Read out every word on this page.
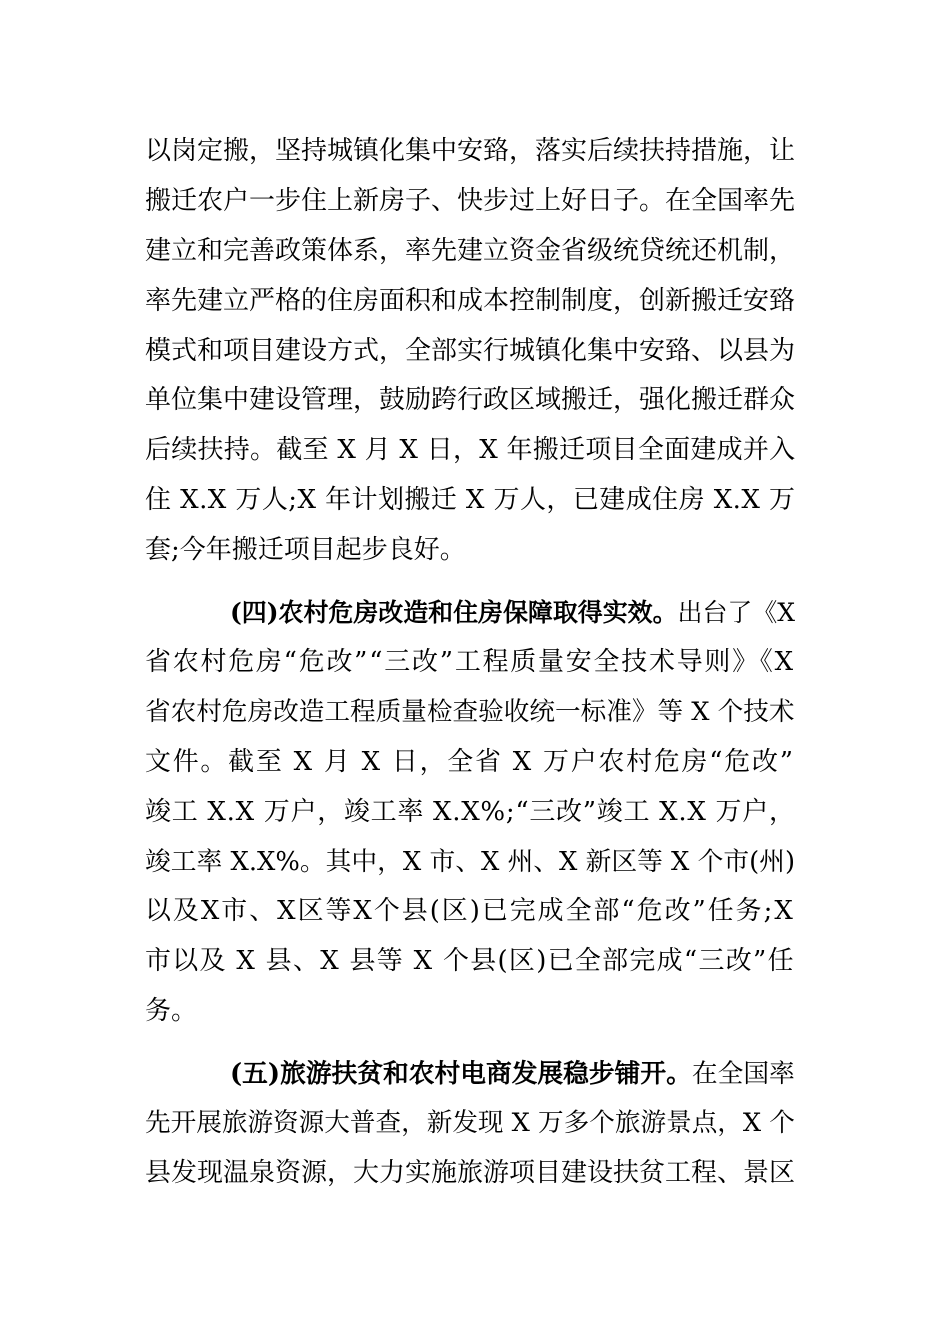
以岗定搬，坚持城镇化集中安臵，落实后续扶持措施，让
搬迁农户一步住上新房子、快步过上好日子。在全国率先
建立和完善政策体系，率先建立资金省级统贷统还机制，
率先建立严格的住房面积和成本控制制度，创新搬迁安臵
模式和项目建设方式，全部实行城镇化集中安臵、以县为
单位集中建设管理，鼓励跨行政区域搬迁，强化搬迁群众
后续扶持。截至 X 月 X 日，X 年搬迁项目全面建成并入
住 X.X 万人;X 年计划搬迁 X 万人，已建成住房 X.X 万
套;今年搬迁项目起步良好。
(四)农村危房改造和住房保障取得实效。 出台了《X
省农村危房“危改”“三改”工程质量安全技术导则》《X
省农村危房改造工程质量检查验收统一标准》等 X 个技术
文件。截至 X 月 X 日，全省 X 万户农村危房“危改”
竣工 X.X 万户，竣工率 X.X%;“三改”竣工 X.X 万户，
竣工率 X.X%。其中，X 市、X 州、X 新区等 X 个市(州)
以及X市、X区等X个县(区)已完成全部“危改”任务;X
市以及 X 县、X 县等 X 个县(区)已全部完成“三改”任
务。
(五)旅游扶贫和农村电商发展稳步铺开。 在全国率
先开展旅游资源大普查，新发现 X 万多个旅游景点，X 个
县发现温泉资源，大力实施旅游项目建设扶贫工程、景区
